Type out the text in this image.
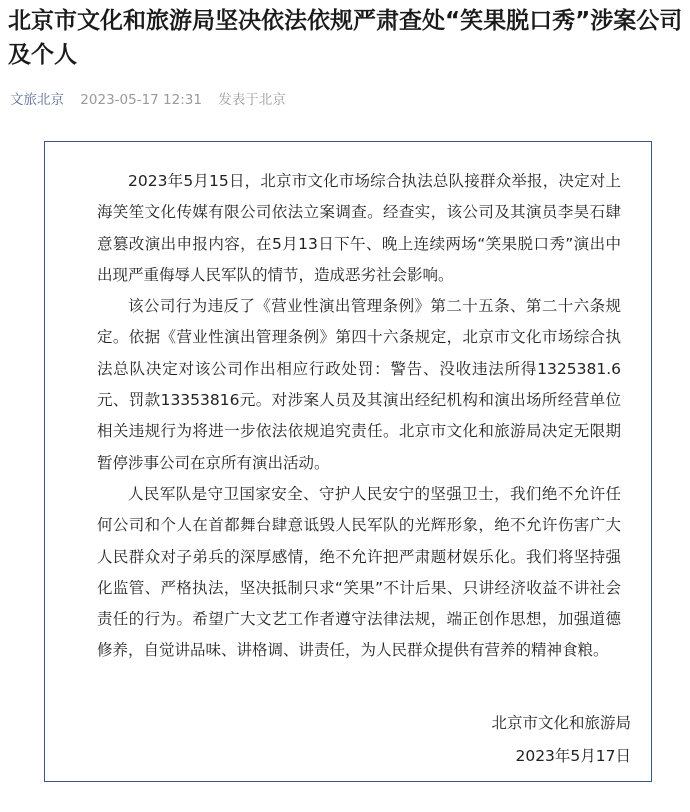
北京市文化和旅游局坚决依法依规严肃查处“笑果脱口秀”涉案公司及个人
文旅北京 2023-05-17 12:31 发表于北京

2023年5月15日，北京市文化市场综合执法总队接群众举报，决定对上海笑笙文化传媒有限公司依法立案调查。经查实，该公司及其演员李昊石肆意篡改演出申报内容，在5月13日下午、晚上连续两场“笑果脱口秀”演出中出现严重侮辱人民军队的情节，造成恶劣社会影响。

该公司行为违反了《营业性演出管理条例》第二十五条、第二十六条规定。依据《营业性演出管理条例》第四十六条规定，北京市文化市场综合执法总队决定对该公司作出相应行政处罚：警告、没收违法所得1325381.6元、罚款13353816元。对涉案人员及其演出经纪机构和演出场所经营单位相关违规行为将进一步依法依规追究责任。北京市文化和旅游局决定无限期暂停涉事公司在京所有演出活动。

人民军队是守卫国家安全、守护人民安宁的坚强卫士，我们绝不允许任何公司和个人在首都舞台肆意诋毁人民军队的光辉形象，绝不允许伤害广大人民群众对子弟兵的深厚感情，绝不允许把严肃题材娱乐化。我们将坚持强化监管、严格执法，坚决抵制只求“笑果”不计后果、只讲经济收益不讲社会责任的行为。希望广大文艺工作者遵守法律法规，端正创作思想，加强道德修养，自觉讲品味、讲格调、讲责任，为人民群众提供有营养的精神食粮。

北京市文化和旅游局
2023年5月17日
